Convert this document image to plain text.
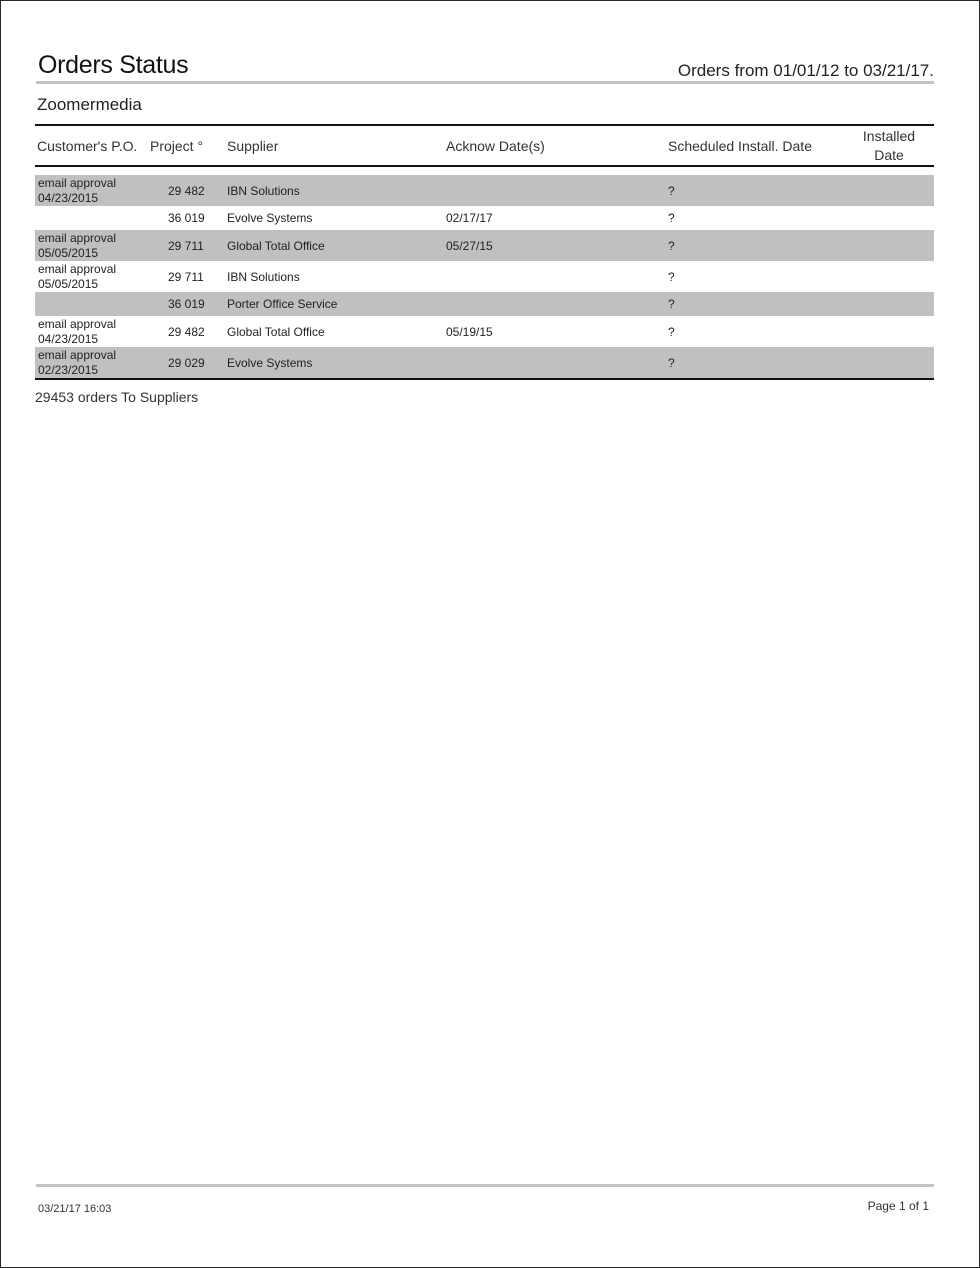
Orders Status	Orders from 01/01/12 to 03/21/17.
Zoomermedia
Customer's P.O.	Project °	Supplier	Acknow Date(s)	Scheduled Install. Date	Installed
Date

email approval
04/23/2015	29 482	IBN Solutions		?	
	36 019	Evolve Systems	02/17/17	?	
email approval
05/05/2015	29 711	Global Total Office	05/27/15	?	
email approval
05/05/2015	29 711	IBN Solutions		?	
	36 019	Porter Office Service		?	
email approval
04/23/2015	29 482	Global Total Office	05/19/15	?	
email approval
02/23/2015	29 029	Evolve Systems		?	
29453 orders To Suppliers
03/21/17 16:03	Page 1 of 1
